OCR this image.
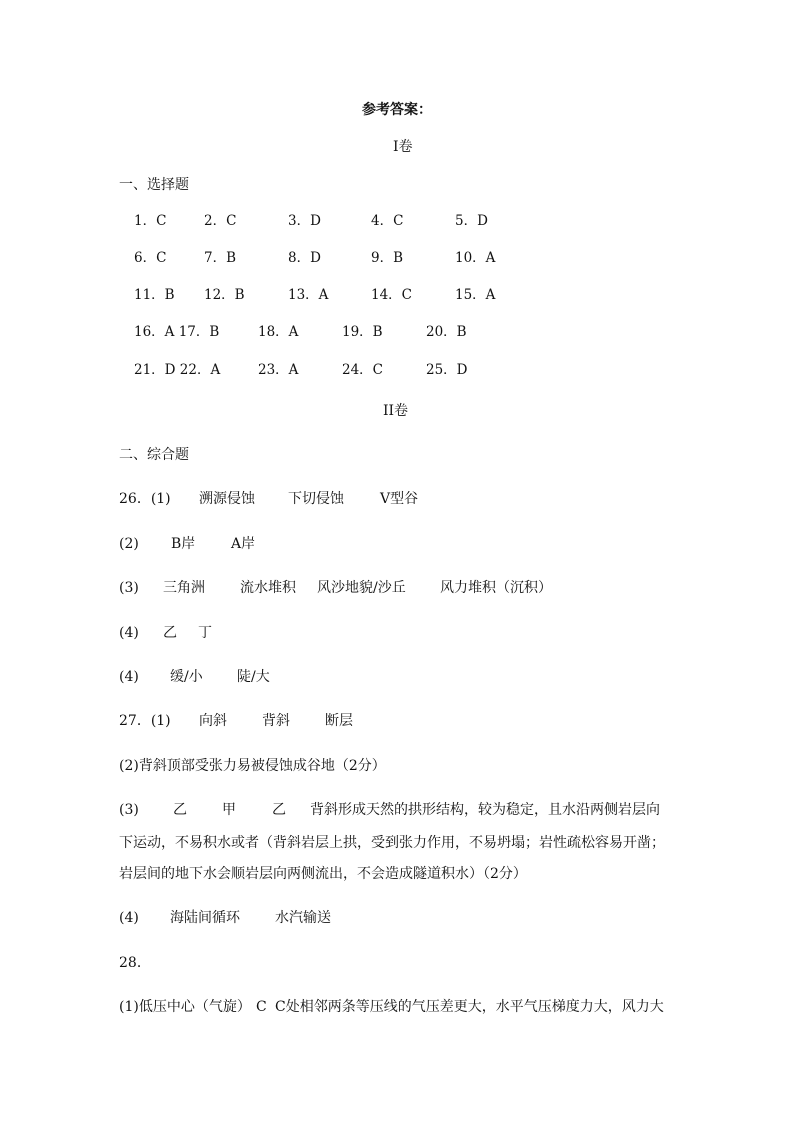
参考答案：
I卷
一、选择题
1．C	2．C	3．D	4．C	5．D
6．C	7．B	8．D	9．B	10．A
11．B 12．B	13．A	14．C	15．A
16．A 17．B	18．A	19．B	20．B
21．D 22．A	23．A	24．C	25．D
II卷
二、综合题
26．(1) 溯源侵蚀 下切侵蚀	V型谷
(2) B岸	A岸
(3) 三角洲	流水堆积 风沙地貌/沙丘 风力堆积（沉积）
(4) 乙 丁
(4) 缓/小 陡/大
27．(1) 向斜	背斜	断层
(2)背斜顶部受张力易被侵蚀成谷地（2分）
(3) 乙	甲	乙 背斜形成天然的拱形结构，较为稳定，且水沿两侧岩层向
下运动，不易积水或者（背斜岩层上拱，受到张力作用，不易坍塌；岩性疏松容易开凿；
岩层间的地下水会顺岩层向两侧流出，不会造成隧道积水）（2分）
(4) 海陆间循环	水汽输送
28．
(1)低压中心（气旋） C C处相邻两条等压线的气压差更大，水平气压梯度力大，风力大
